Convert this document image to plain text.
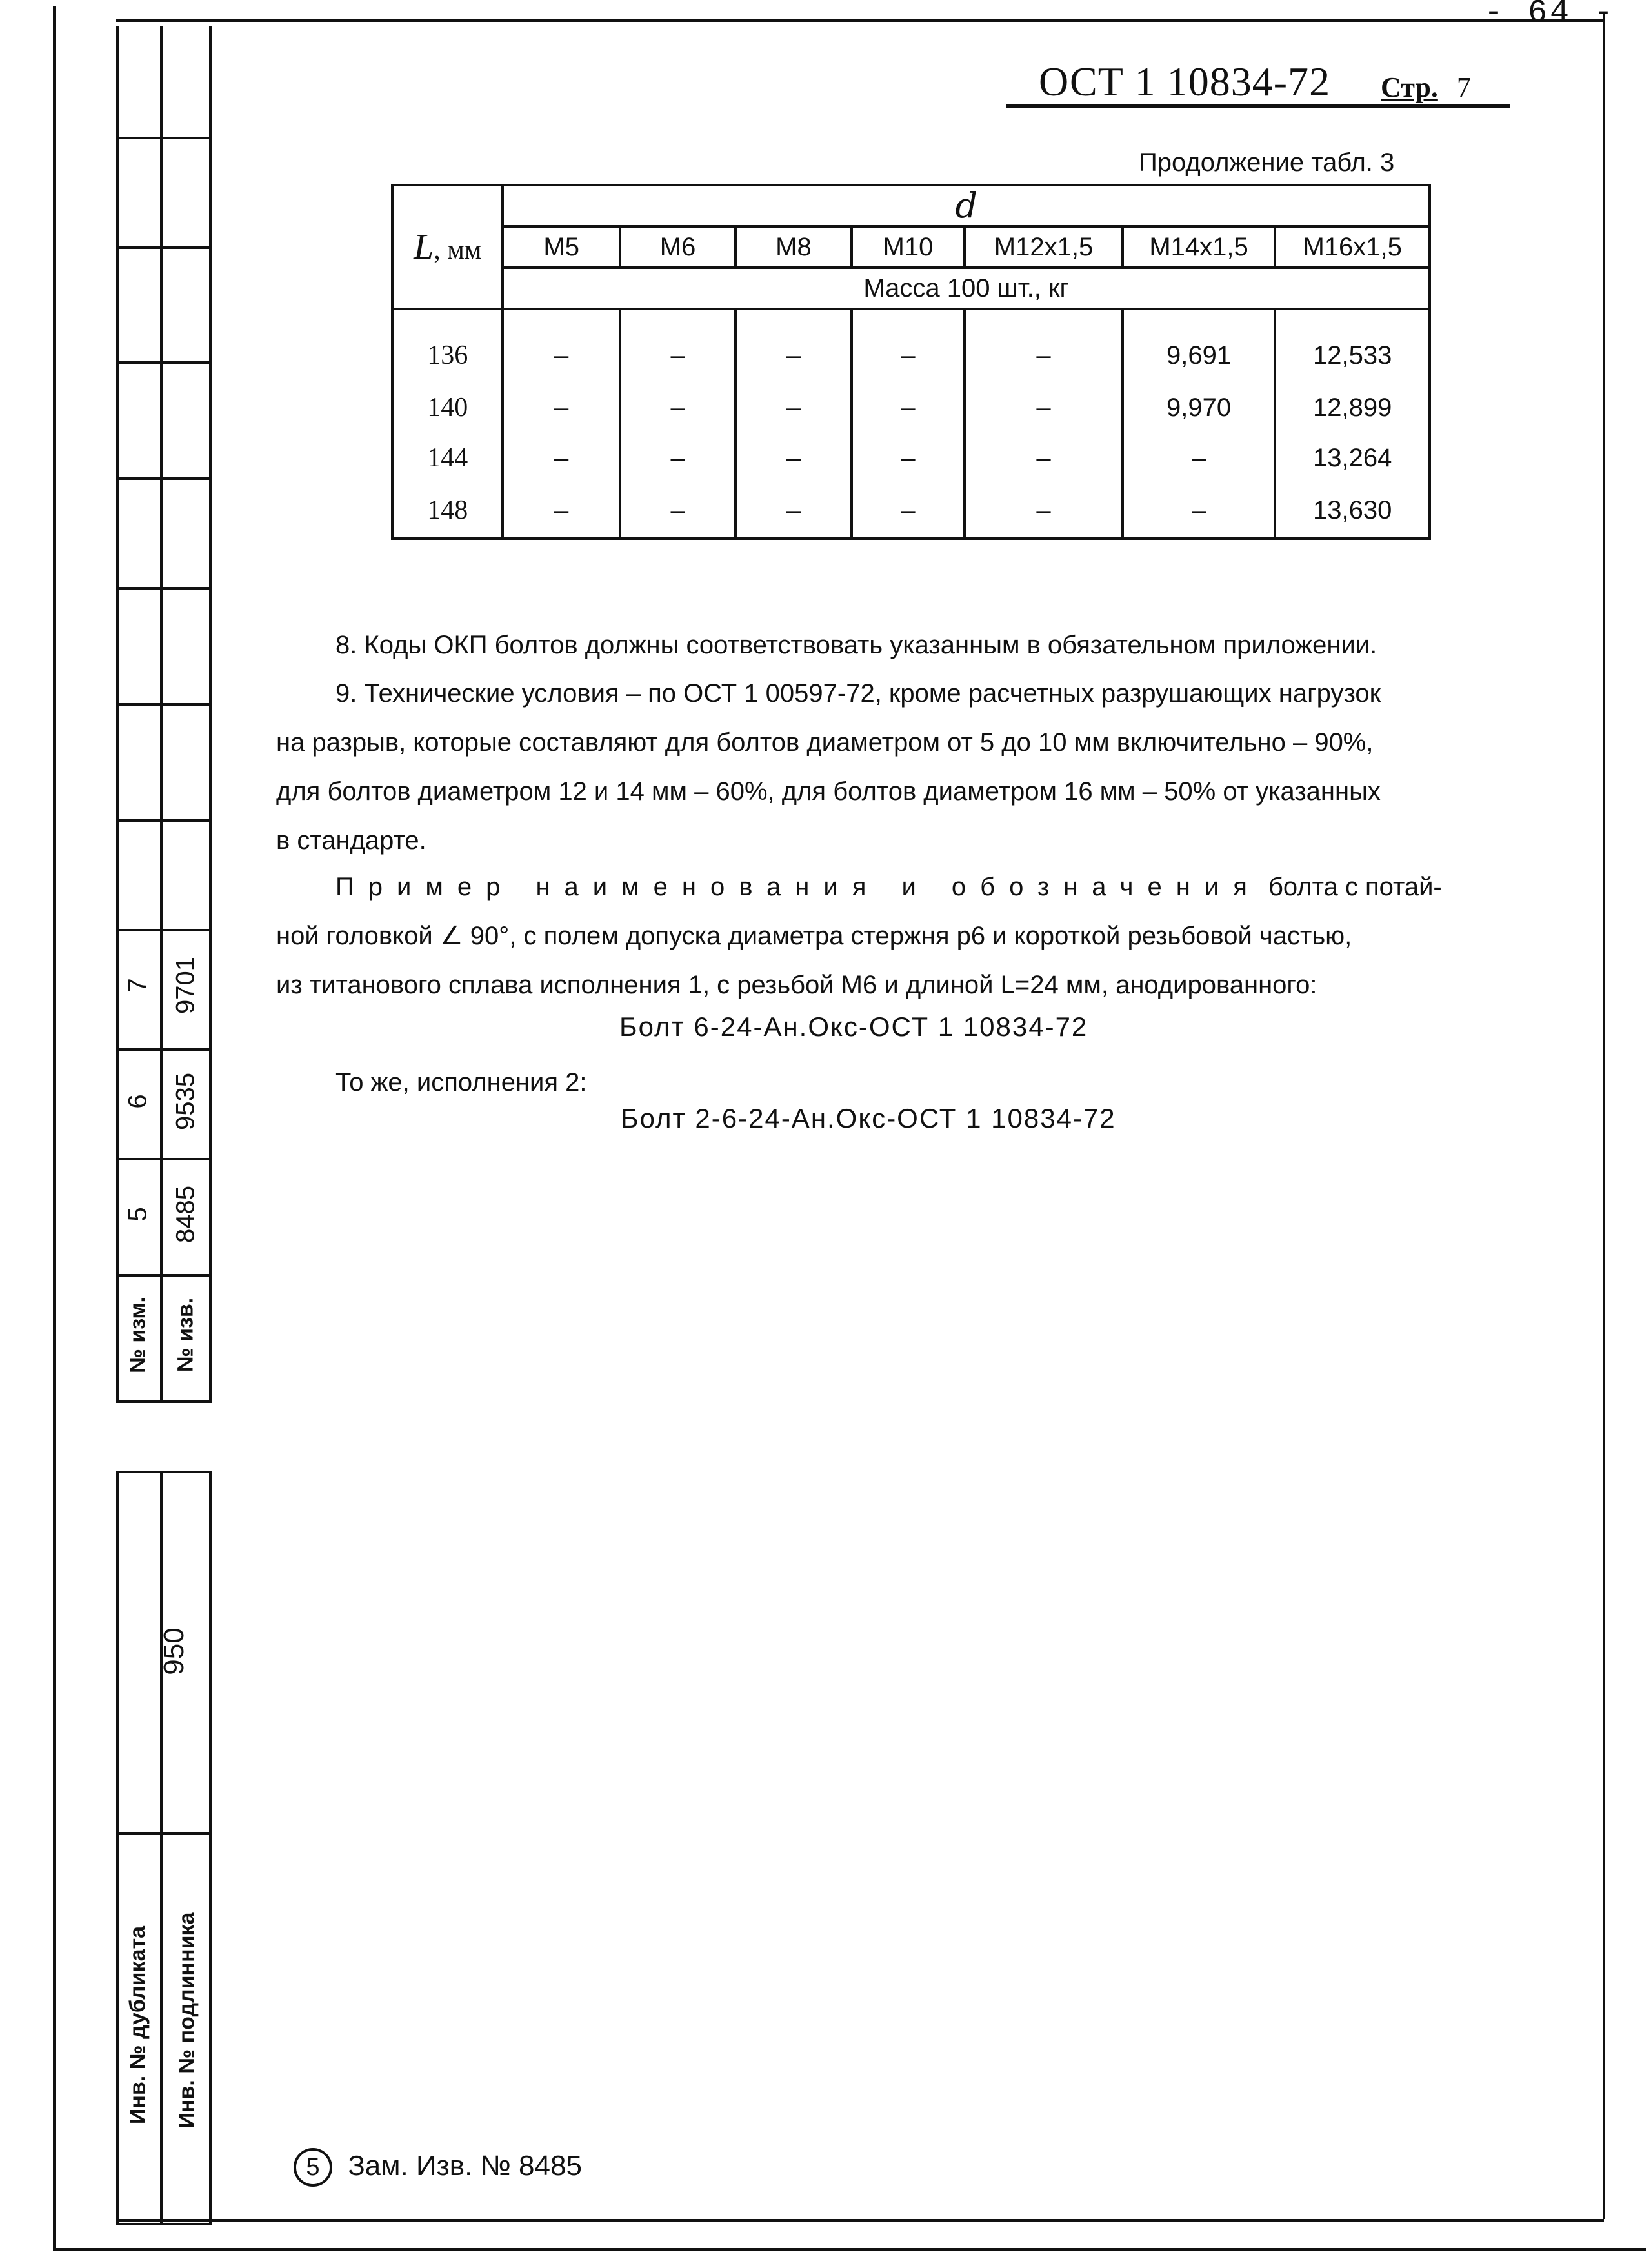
- 64 -
ОСТ 1 10834-72 Стр. 7
Продолжение табл. 3
L, мм	d						
	M5	M6	M8	M10	M12x1,5	M14x1,5	M16x1,5
	Масса 100 шт., кг						
136	–	–	–	–	–	9,691	12,533
140	–	–	–	–	–	9,970	12,899
144	–	–	–	–	–	–	13,264
148	–	–	–	–	–	–	13,630

8. Коды ОКП болтов должны соответствовать указанным в обязательном приложении.

9. Технические условия – по ОСТ 1 00597-72, кроме расчетных разрушающих нагрузок

на разрыв, которые составляют для болтов диаметром от 5 до 10 мм включительно – 90%,

для болтов диаметром 12 и 14 мм – 60%, для болтов диаметром 16 мм – 50% от указанных

в стандарте.

Пример наименования и обозначения болта с потай-

ной головкой ∠ 90°, с полем допуска диаметра стержня p6 и короткой резьбовой частью,

из титанового сплава исполнения 1, с резьбой M6 и длиной L=24 мм, анодированного:

Болт 6-24-Ан.Окс-ОСТ 1 10834-72

То же, исполнения 2:

Болт 2-6-24-Ан.Окс-ОСТ 1 10834-72
7 9701
6 9535
5 8485
№ изм. № изв.
950
Инв. № дубликата Инв. № подлинника
5 Зам. Изв. № 8485
